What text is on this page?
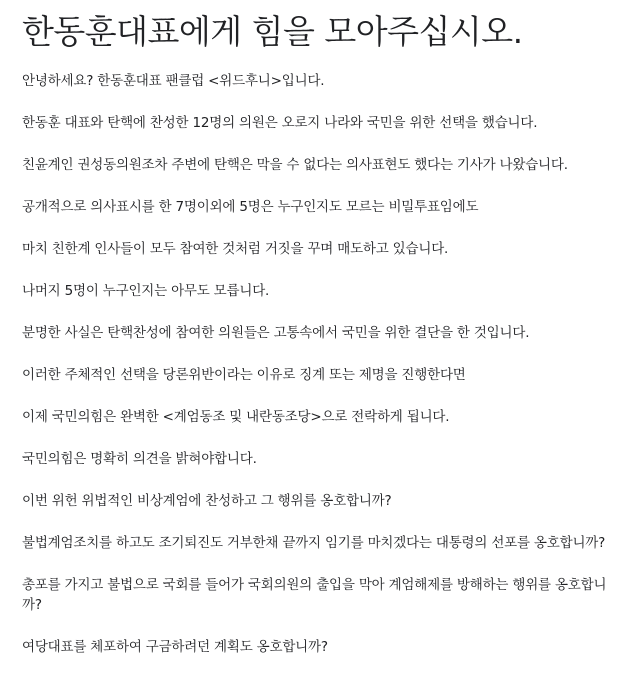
한동훈대표에게 힘을 모아주십시오.

안녕하세요? 한동훈대표 팬클럽 <위드후니>입니다.

한동훈 대표와 탄핵에 찬성한 12명의 의원은 오로지 나라와 국민을 위한 선택을 했습니다.

친윤계인 권성동의원조차 주변에 탄핵은 막을 수 없다는 의사표현도 했다는 기사가 나왔습니다.

공개적으로 의사표시를 한 7명이외에 5명은 누구인지도 모르는 비밀투표임에도

마치 친한계 인사들이 모두 참여한 것처럼 거짓을 꾸며 매도하고 있습니다.

나머지 5명이 누구인지는 아무도 모릅니다.

분명한 사실은 탄핵찬성에 참여한 의원들은 고통속에서 국민을 위한 결단을 한 것입니다.

이러한 주체적인 선택을 당론위반이라는 이유로 징계 또는 제명을 진행한다면

이제 국민의힘은 완벽한 <계엄동조 및 내란동조당>으로 전락하게 됩니다.

국민의힘은 명확히 의견을 밝혀야합니다.

이번 위헌 위법적인 비상계엄에 찬성하고 그 행위를 옹호합니까?

불법계엄조치를 하고도 조기퇴진도 거부한채 끝까지 임기를 마치겠다는 대통령의 선포를 옹호합니까?

총포를 가지고 불법으로 국회를 들어가 국회의원의 출입을 막아 계엄해제를 방해하는 행위를 옹호합니까?

여당대표를 체포하여 구금하려던 계획도 옹호합니까?
